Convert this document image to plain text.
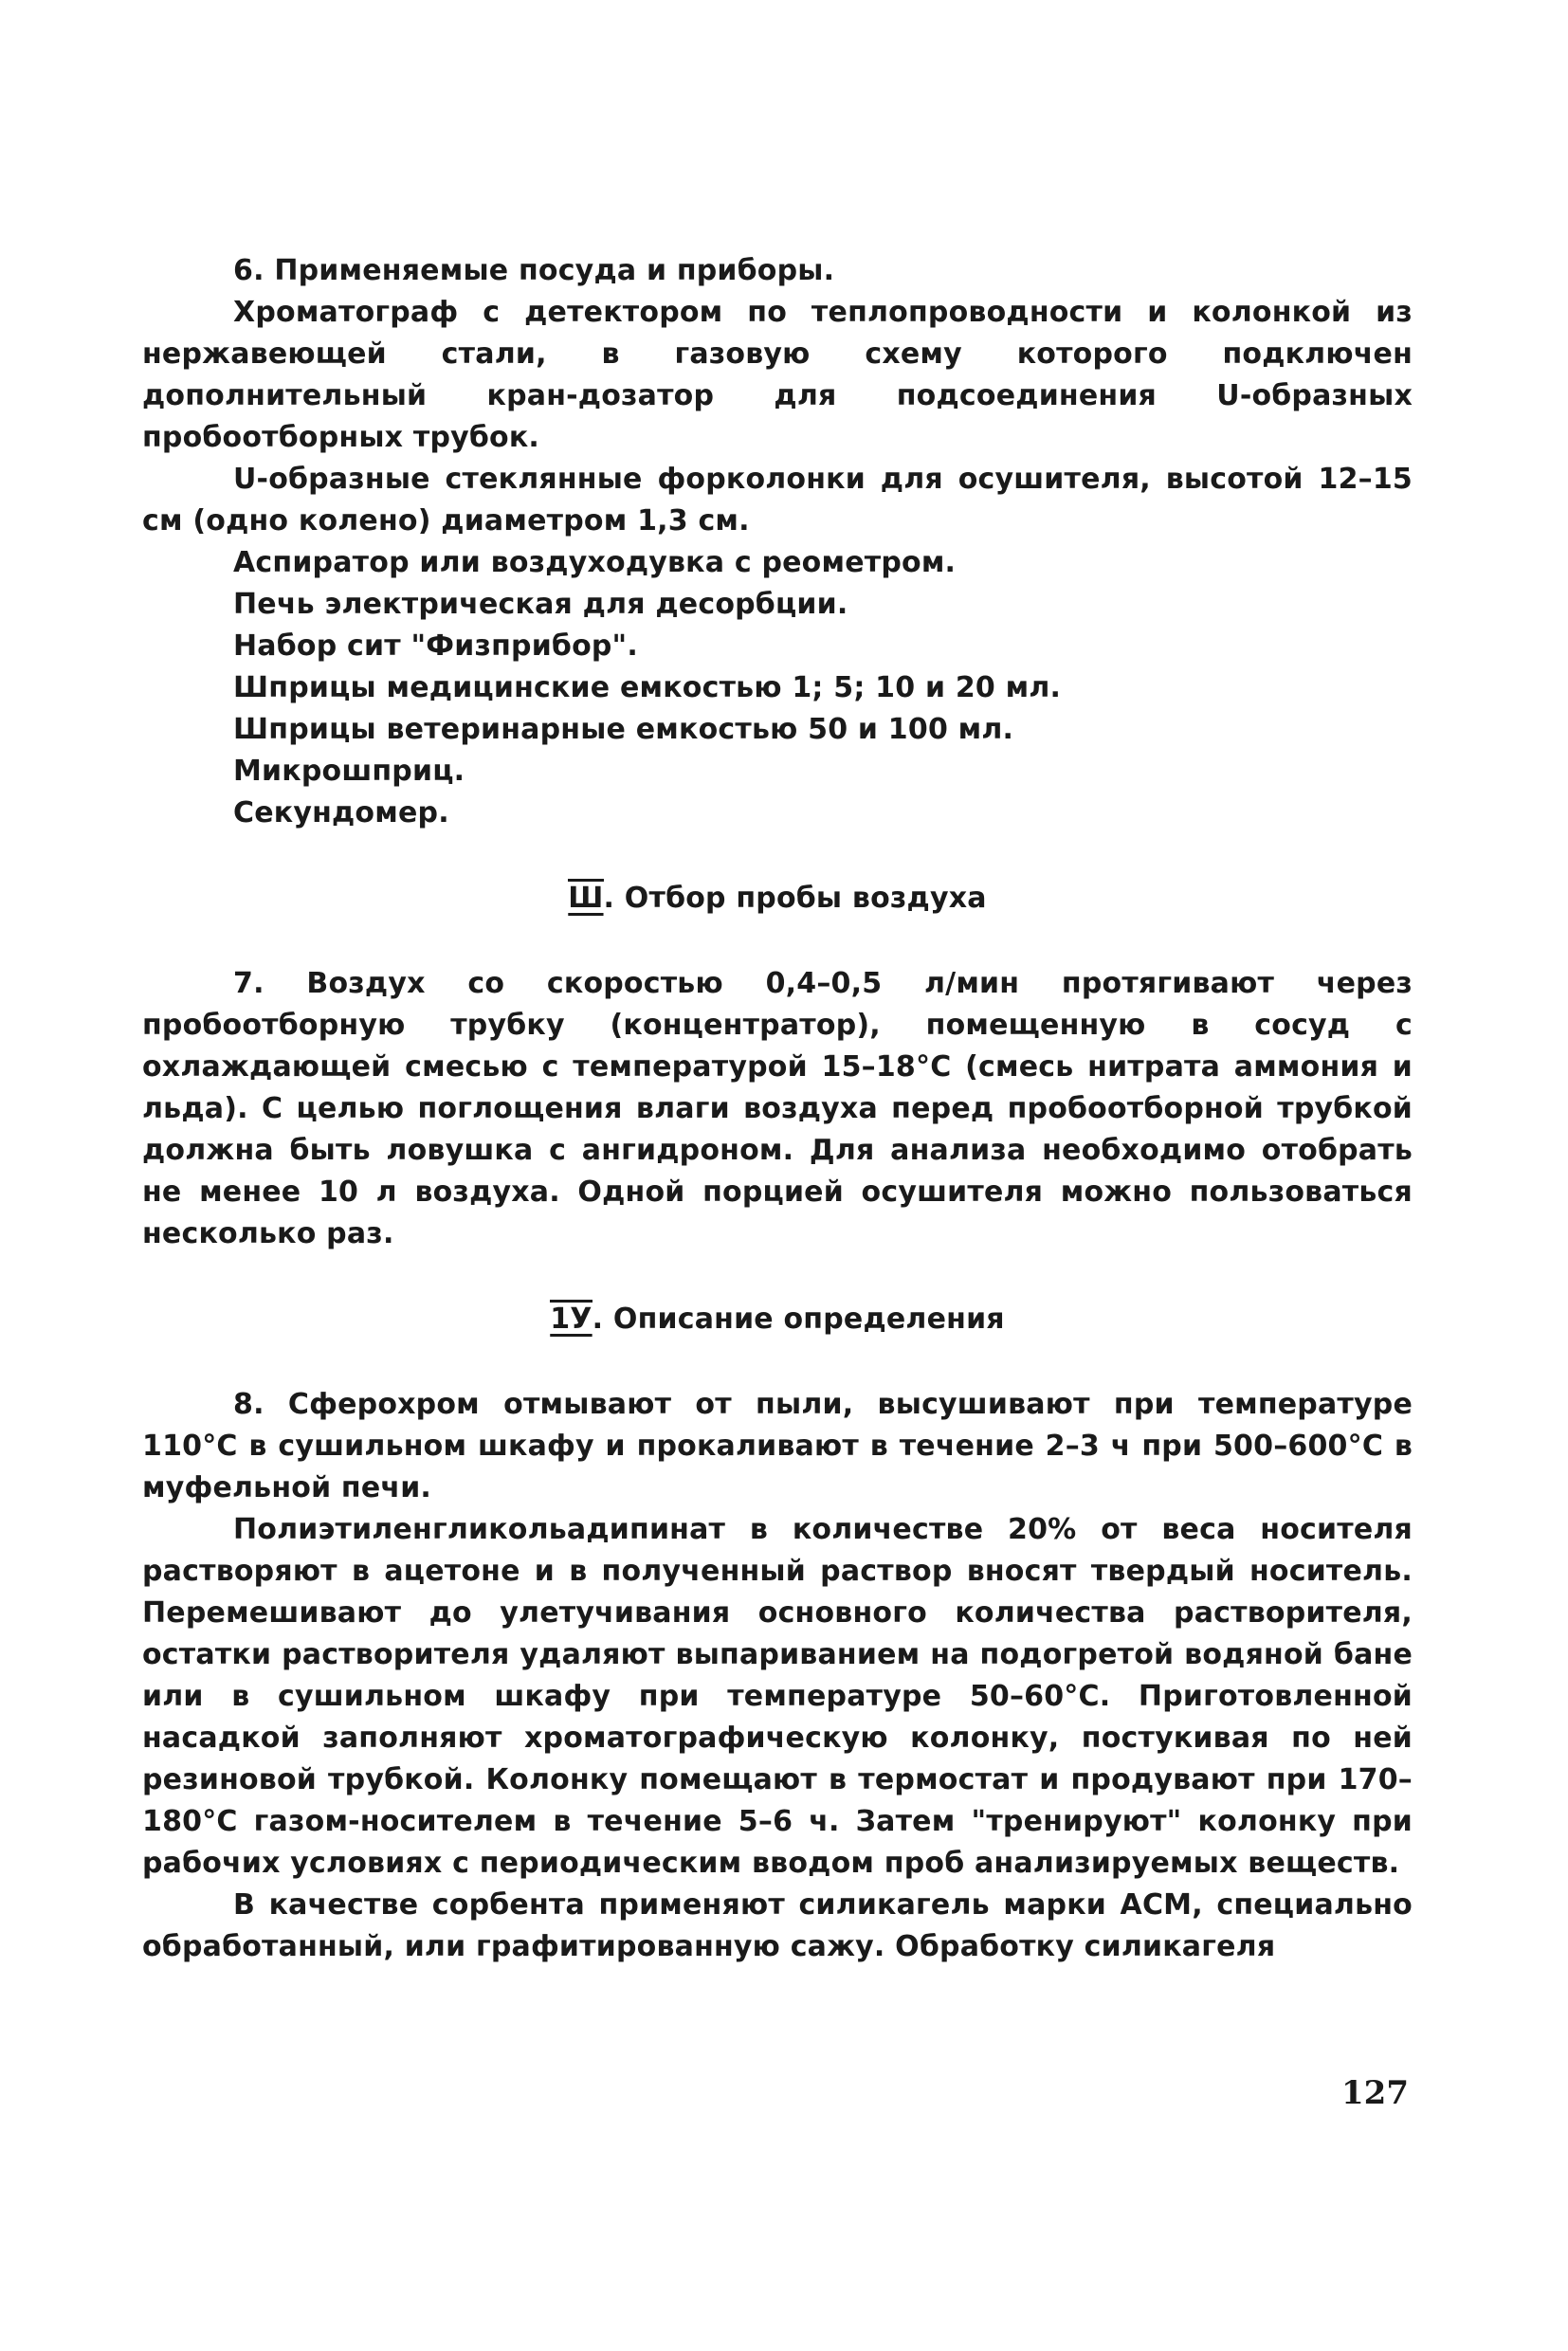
6. Применяемые посуда и приборы.

Хроматограф с детектором по теплопроводности и колонкой из нержавеющей стали, в газовую схему которого подключен дополнительный кран-дозатор для подсоединения U-образных пробоотборных трубок.

U-образные стеклянные форколонки для осушителя, высотой 12–15 см (одно колено) диаметром 1,3 см.

Аспиратор или воздуходувка с реометром.

Печь электрическая для десорбции.

Набор сит "Физприбор".

Шприцы медицинские емкостью 1; 5; 10 и 20 мл.

Шприцы ветеринарные емкостью 50 и 100 мл.

Микрошприц.

Секундомер.

Ш. Отбор пробы воздуха

7. Воздух со скоростью 0,4–0,5 л/мин протягивают через пробоотборную трубку (концентратор), помещенную в сосуд с охлаждающей смесью с температурой 15–18°С (смесь нитрата аммония и льда). С целью поглощения влаги воздуха перед пробоотборной трубкой должна быть ловушка с ангидроном. Для анализа необходимо отобрать не менее 10 л воздуха. Одной порцией осушителя можно пользоваться несколько раз.

1У. Описание определения

8. Сферохром отмывают от пыли, высушивают при температуре 110°С в сушильном шкафу и прокаливают в течение 2–3 ч при 500–600°С в муфельной печи.

Полиэтиленгликольадипинат в количестве 20% от веса носителя растворяют в ацетоне и в полученный раствор вносят твердый носитель. Перемешивают до улетучивания основного количества растворителя, остатки растворителя удаляют выпариванием на подогретой водяной бане или в сушильном шкафу при температуре 50–60°С. Приготовленной насадкой заполняют хроматографическую колонку, постукивая по ней резиновой трубкой. Колонку помещают в термостат и продувают при 170–180°С газом-носителем в течение 5–6 ч. Затем "тренируют" колонку при рабочих условиях с периодическим вводом проб анализируемых веществ.

В качестве сорбента применяют силикагель марки АСМ, специально обработанный, или графитированную сажу. Обработку силикагеля

127
